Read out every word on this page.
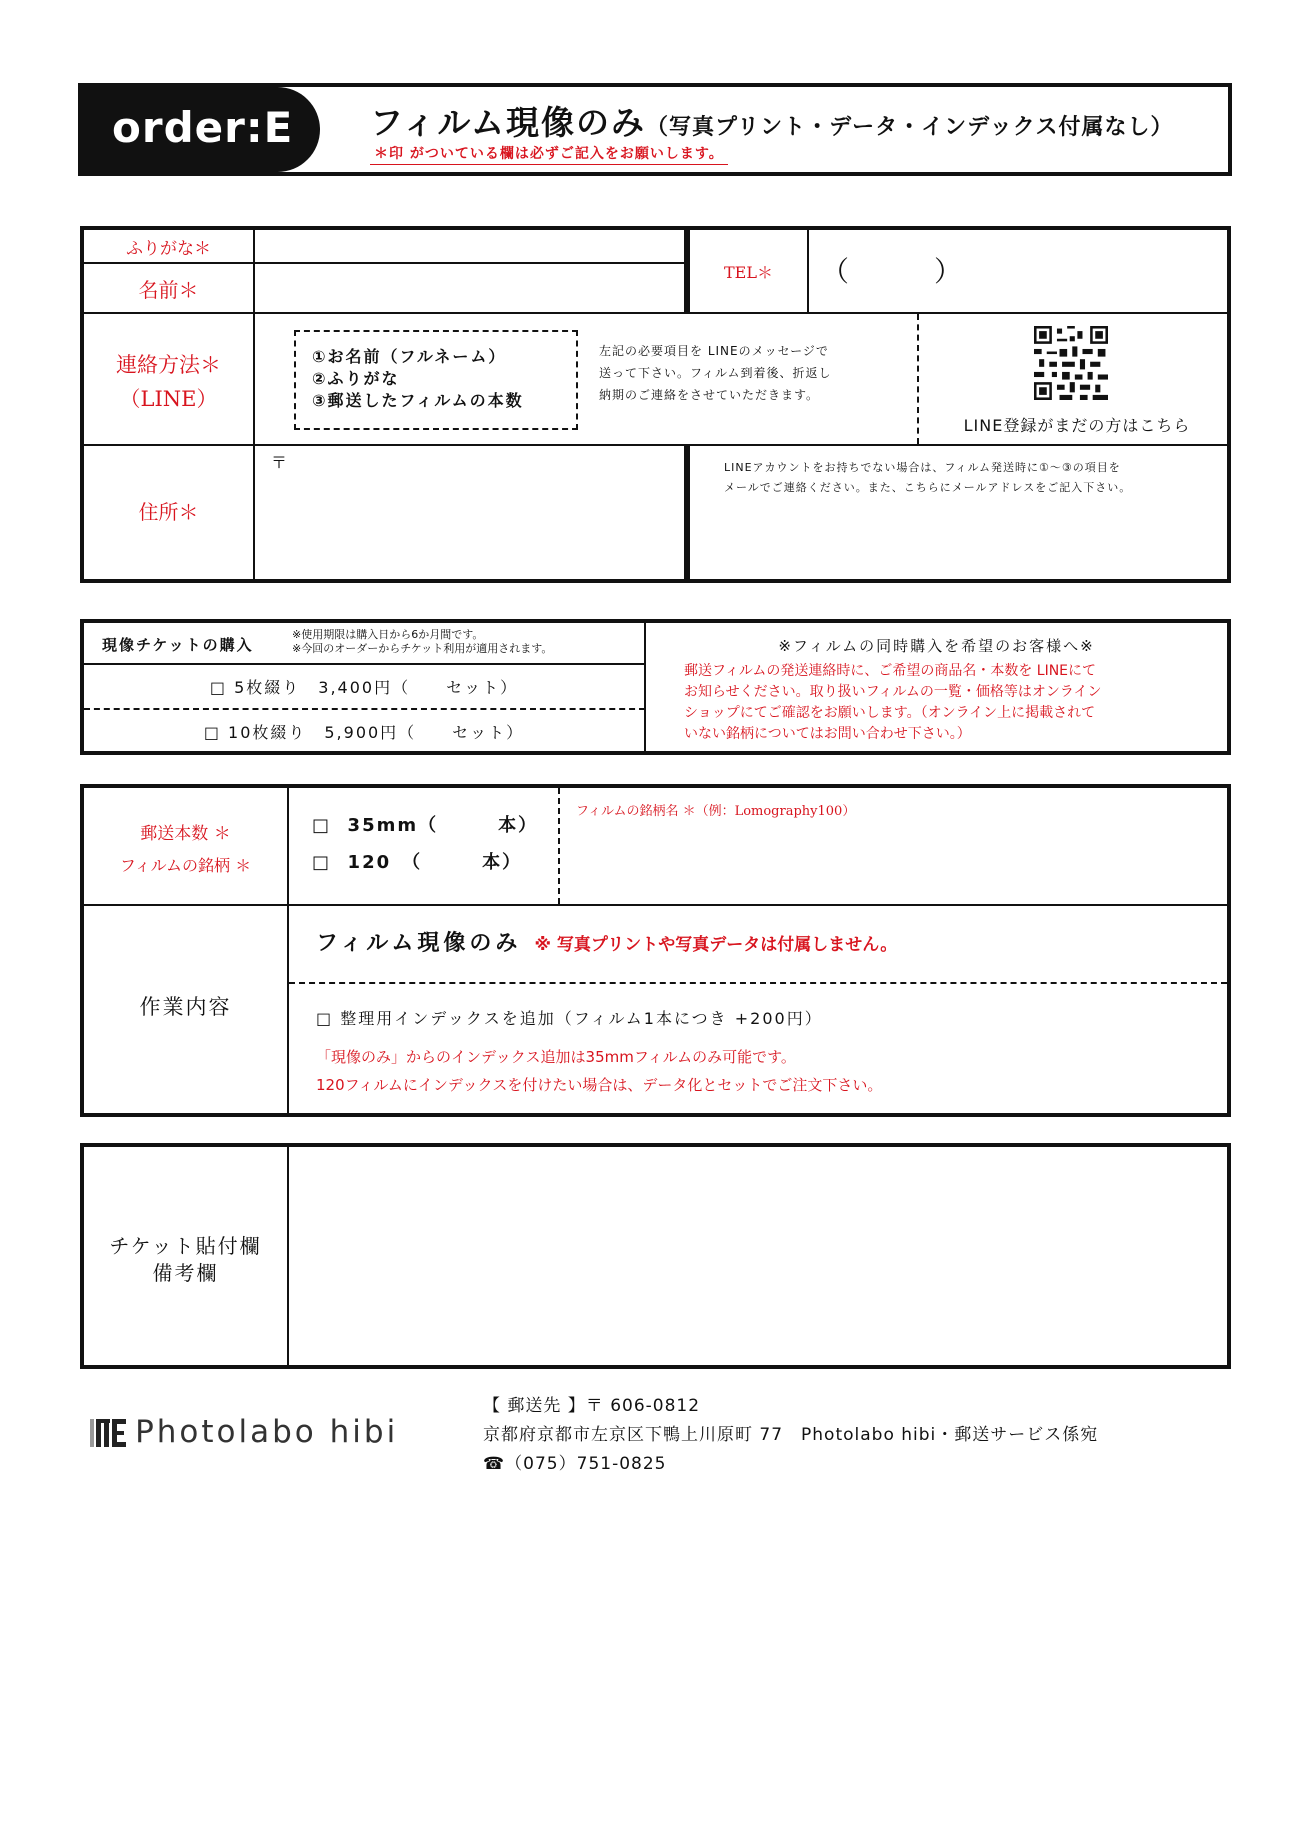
order:E フィルム現像のみ（写真プリント・データ・インデックス付属なし）
＊印 がついている欄は必ずご記入をお願いします。
ふりがな＊
名前＊
TEL＊	（	）
連絡方法＊
（LINE）
①お名前（フルネーム）
②ふりがな
③郵送したフィルムの本数
左記の必要項目を LINEのメッセージで
送って下さい。フィルム到着後、折返し
納期のご連絡をさせていただきます。
LINE登録がまだの方はこちら
住所＊
〒	LINEアカウントをお持ちでない場合は、フィルム発送時に①〜③の項目を
メールでご連絡ください。また、こちらにメールアドレスをご記入下さい。
現像チケットの購入
※使用期限は購入日から6か月間です。
※今回のオーダーからチケット利用が適用されます。
□ 5枚綴り　3,400円（　　セット）
□ 10枚綴り　5,900円（　　セット）
※フィルムの同時購入を希望のお客様へ※
郵送フィルムの発送連絡時に、ご希望の商品名・本数を LINEにて
お知らせください。取り扱いフィルムの一覧・価格等はオンライン
ショップにてご確認をお願いします。（オンライン上に掲載されて
いない銘柄についてはお問い合わせ下さい。）
郵送本数 ＊
フィルムの銘柄 ＊
□  35mm（　　　本）
□  120　（　　　本）
フィルムの銘柄名 ＊（例：Lomography100）
作業内容
フィルム現像のみ ※ 写真プリントや写真データは付属しません。
□ 整理用インデックスを追加（フィルム1本につき +200円）
「現像のみ」からのインデックス追加は35mmフィルムのみ可能です。
120フィルムにインデックスを付けたい場合は、データ化とセットでご注文下さい。
チケット貼付欄
備考欄
Photolabo hibi
【 郵送先 】〒 606-0812
京都府京都市左京区下鴨上川原町 77　Photolabo hibi・郵送サービス係宛
☎（075）751-0825
